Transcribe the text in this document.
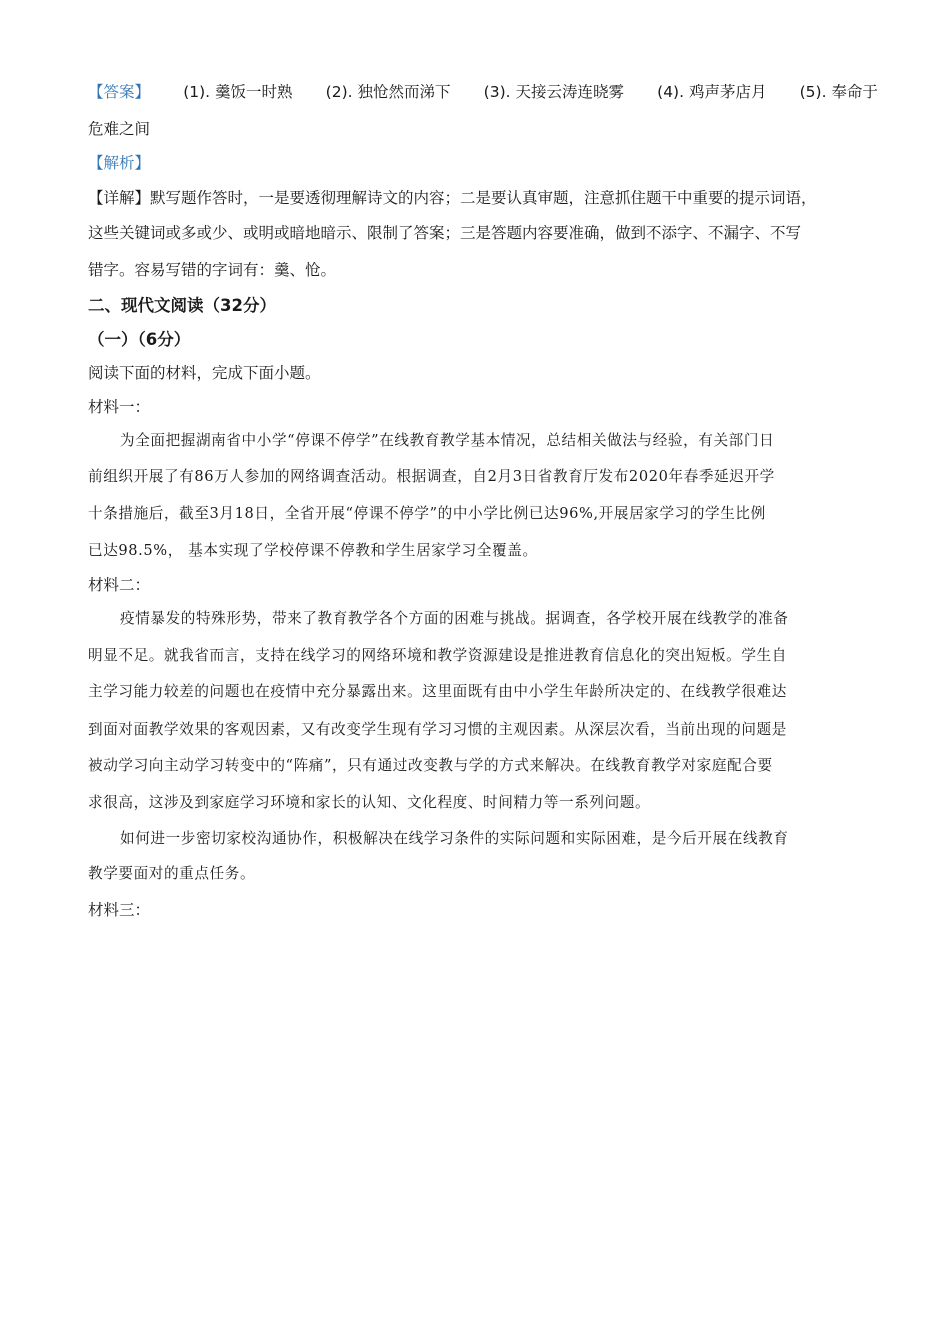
【答案】 (1). 羹饭一时熟 (2). 独怆然而涕下 (3). 天接云涛连晓雾 (4). 鸡声茅店月 (5). 奉命于
危难之间
【解析】
【详解】默写题作答时，一是要透彻理解诗文的内容；二是要认真审题，注意抓住题干中重要的提示词语，
这些关键词或多或少、或明或暗地暗示、限制了答案；三是答题内容要准确，做到不添字、不漏字、不写
错字。容易写错的字词有：羹、怆。
二、现代文阅读（32分）
（一）（6分）
阅读下面的材料，完成下面小题。
材料一：
为全面把握湖南省中小学“停课不停学”在线教育教学基本情况，总结相关做法与经验，有关部门日
前组织开展了有86万人参加的网络调查活动。根据调查，自2月3日省教育厅发布2020年春季延迟开学
十条措施后，截至3月18日，全省开展“停课不停学”的中小学比例已达96%,开展居家学习的学生比例
已达98.5%， 基本实现了学校停课不停教和学生居家学习全覆盖。
材料二：
疫情暴发的特殊形势，带来了教育教学各个方面的困难与挑战。据调查，各学校开展在线教学的准备
明显不足。就我省而言，支持在线学习的网络环境和教学资源建设是推进教育信息化的突出短板。学生自
主学习能力较差的问题也在疫情中充分暴露出来。这里面既有由中小学生年龄所决定的、在线教学很难达
到面对面教学效果的客观因素，又有改变学生现有学习习惯的主观因素。从深层次看，当前出现的问题是
被动学习向主动学习转变中的“阵痛”，只有通过改变教与学的方式来解决。在线教育教学对家庭配合要
求很高，这涉及到家庭学习环境和家长的认知、文化程度、时间精力等一系列问题。
如何进一步密切家校沟通协作，积极解决在线学习条件的实际问题和实际困难，是今后开展在线教育
教学要面对的重点任务。
材料三：
